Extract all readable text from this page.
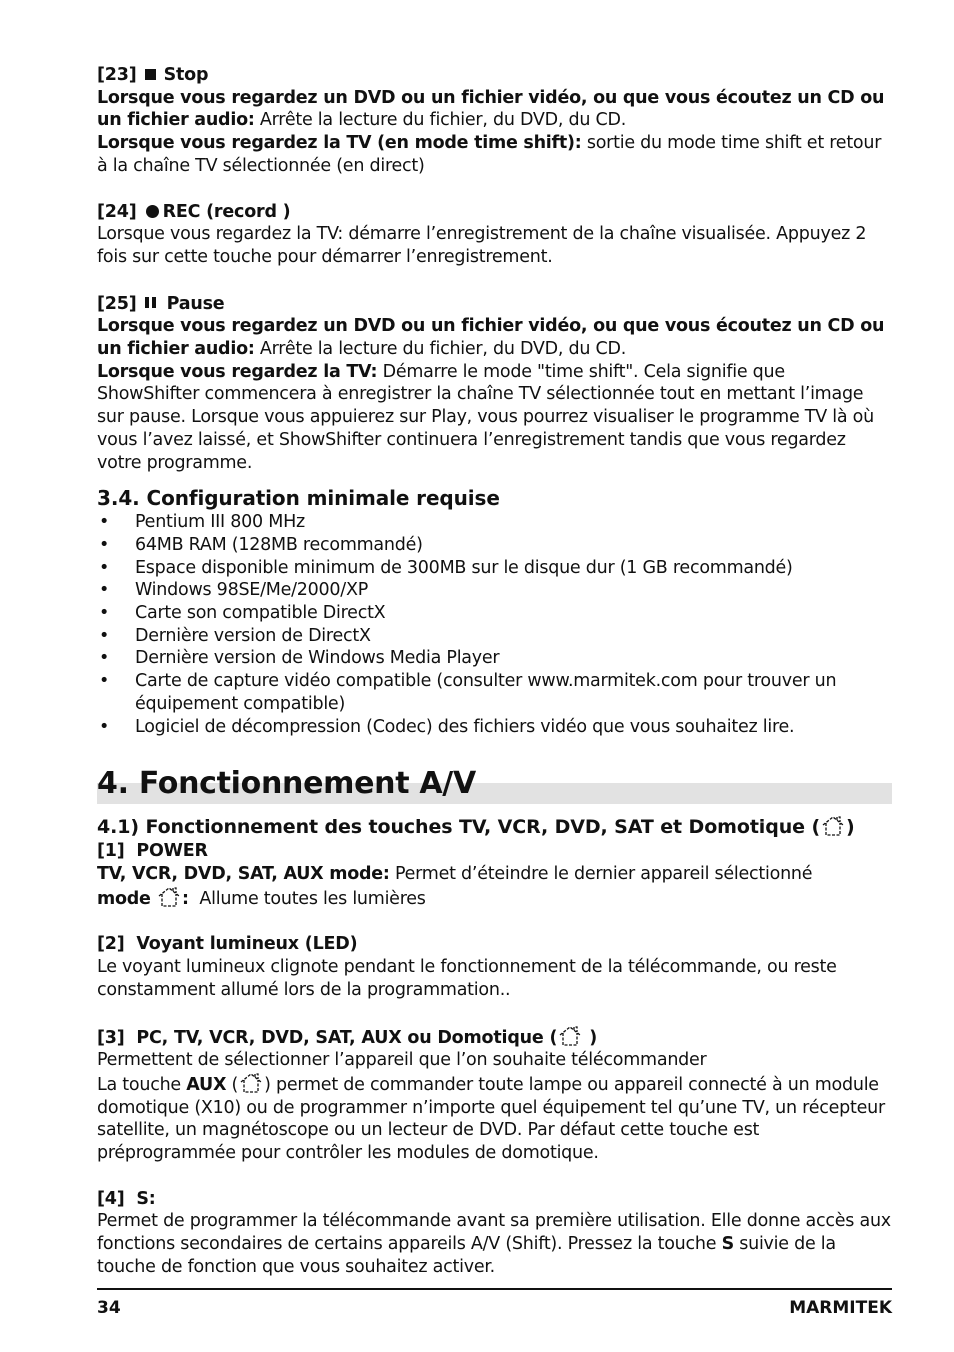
[23] Stop

Lorsque vous regardez un DVD ou un fichier vidéo, ou que vous écoutez un CD ou un fichier audio: Arrête la lecture du fichier, du DVD, du CD.

Lorsque vous regardez la TV (en mode time shift): sortie du mode time shift et retour à la chaîne TV sélectionnée (en direct)

[24] REC (record )

Lorsque vous regardez la TV: démarre l’enregistrement de la chaîne visualisée. Appuyez 2 fois sur cette touche pour démarrer l’enregistrement.

[25] Pause

Lorsque vous regardez un DVD ou un fichier vidéo, ou que vous écoutez un CD ou un fichier audio: Arrête la lecture du fichier, du DVD, du CD.

Lorsque vous regardez la TV: Démarre le mode "time shift". Cela signifie que ShowShifter commencera à enregistrer la chaîne TV sélectionnée tout en mettant l’image sur pause. Lorsque vous appuierez sur Play, vous pourrez visualiser le programme TV là où vous l’avez laissé, et ShowShifter continuera l’enregistrement tandis que vous regardez votre programme.

3.4. Configuration minimale requise

• Pentium III 800 MHz
• 64MB RAM (128MB recommandé)
• Espace disponible minimum de 300MB sur le disque dur (1 GB recommandé)
• Windows 98SE/Me/2000/XP
• Carte son compatible DirectX
• Dernière version de DirectX
• Dernière version de Windows Media Player
• Carte de capture vidéo compatible (consulter www.marmitek.com pour trouver un équipement compatible)
• Logiciel de décompression (Codec) des fichiers vidéo que vous souhaitez lire.
4. Fonctionnement A/V

4.1) Fonctionnement des touches TV, VCR, DVD, SAT et Domotique ( )

[1] POWER

TV, VCR, DVD, SAT, AUX mode: Permet d’éteindre le dernier appareil sélectionné

mode : Allume toutes les lumières

[2] Voyant lumineux (LED)

Le voyant lumineux clignote pendant le fonctionnement de la télécommande, ou reste constamment allumé lors de la programmation..

[3] PC, TV, VCR, DVD, SAT, AUX ou Domotique ( )

Permettent de sélectionner l’appareil que l’on souhaite télécommander

La touche AUX ( ) permet de commander toute lampe ou appareil connecté à un module domotique (X10) ou de programmer n’importe quel équipement tel qu’une TV, un récepteur satellite, un magnétoscope ou un lecteur de DVD. Par défaut cette touche est préprogrammée pour contrôler les modules de domotique.

[4] S:

Permet de programmer la télécommande avant sa première utilisation. Elle donne accès aux fonctions secondaires de certains appareils A/V (Shift). Pressez la touche S suivie de la touche de fonction que vous souhaitez activer.

34	MARMITEK
